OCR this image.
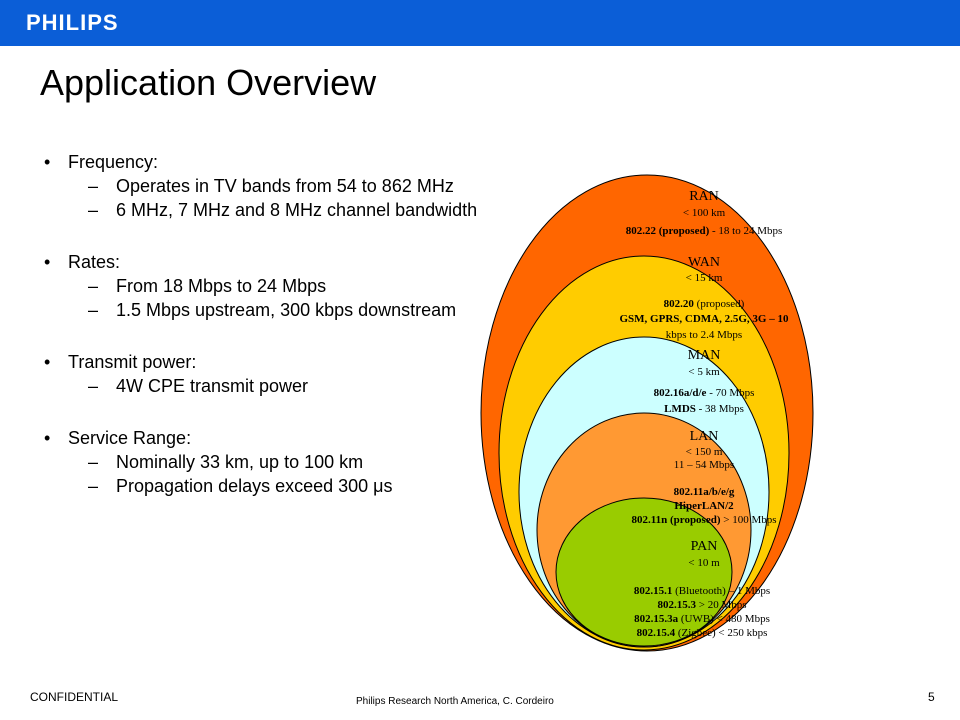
PHILIPS
Application Overview
• Frequency:
– Operates in TV bands from 54 to 862 MHz
– 6 MHz, 7 MHz and 8 MHz channel bandwidth
• Rates:
– From 18 Mbps to 24 Mbps
– 1.5 Mbps upstream, 300 kbps downstream
• Transmit power:
– 4W CPE transmit power
• Service Range:
– Nominally 33 km, up to 100 km
– Propagation delays exceed 300 μs
RAN
< 100 km
802.22 (proposed) - 18 to 24 Mbps
WAN
< 15 km
802.20 (proposed)
GSM, GPRS, CDMA, 2.5G, 3G – 10
kbps to 2.4 Mbps
MAN
< 5 km
802.16a/d/e - 70 Mbps
LMDS - 38 Mbps
LAN
< 150 m
11 – 54 Mbps
802.11a/b/e/g
HiperLAN/2
802.11n (proposed) > 100 Mbps
PAN
< 10 m
802.15.1 (Bluetooth) – 1 Mbps
802.15.3 > 20 Mbps
802.15.3a (UWB) < 480 Mbps
802.15.4 (Zigbee) < 250 kbps
CONFIDENTIAL	Philips Research North America, C. Cordeiro	5
